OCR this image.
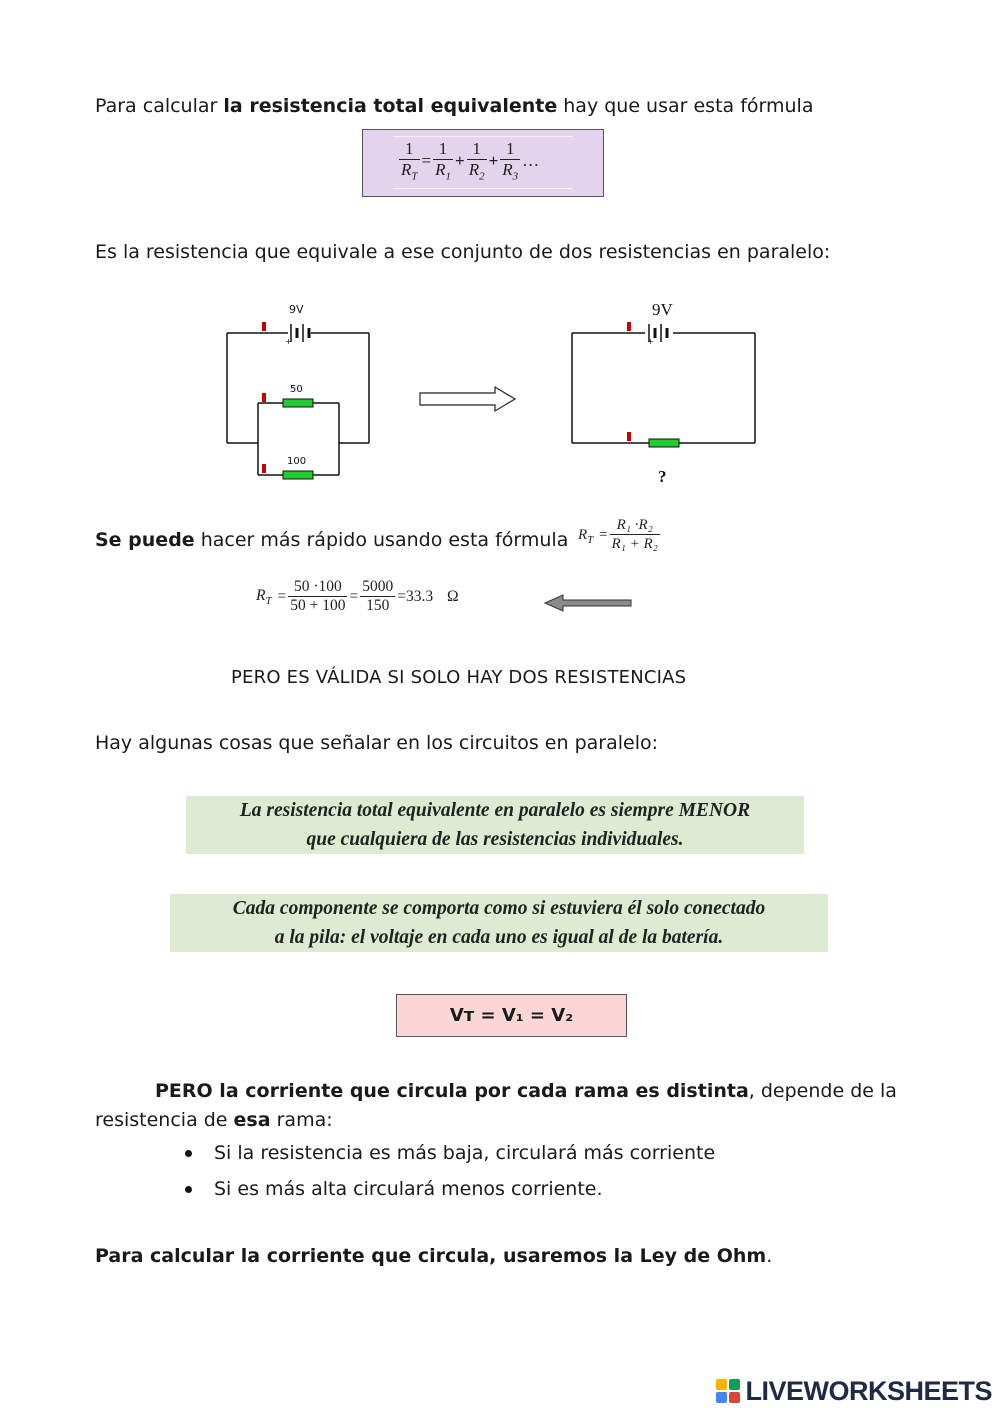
Para calcular la resistencia total equivalente hay que usar esta fórmula
$\frac{1}{R_T} = \frac{1}{R_1} + \frac{1}{R_2} + \frac{1}{R_3}$ …
Es la resistencia que equivale a ese conjunto de dos resistencias en paralelo:
+
9V
50
100
+
9V
?
Se puede hacer más rápido usando esta fórmula $R_T = \frac{\text{R₁ ·R₂}}{\text{R₁ + R₂}}$
$R_T = \frac{50 \cdot 100}{50 + 100} = \frac{5000}{150} =33.3$ Ω
PERO ES VÁLIDA SI SOLO HAY DOS RESISTENCIAS
Hay algunas cosas que señalar en los circuitos en paralelo:
La resistencia total equivalente en paralelo es siempre MENOR
que cualquiera de las resistencias individuales.
Cada componente se comporta como si estuviera él solo conectado
a la pila: el voltaje en cada uno es igual al de la batería.
Vᴛ = V₁ = V₂
PERO la corriente que circula por cada rama es distinta, depende de la
resistencia de esa rama:
Si la resistencia es más baja, circulará más corriente
Si es más alta circulará menos corriente.
Para calcular la corriente que circula, usaremos la Ley de Ohm.
LIVEWORKSHEETS
